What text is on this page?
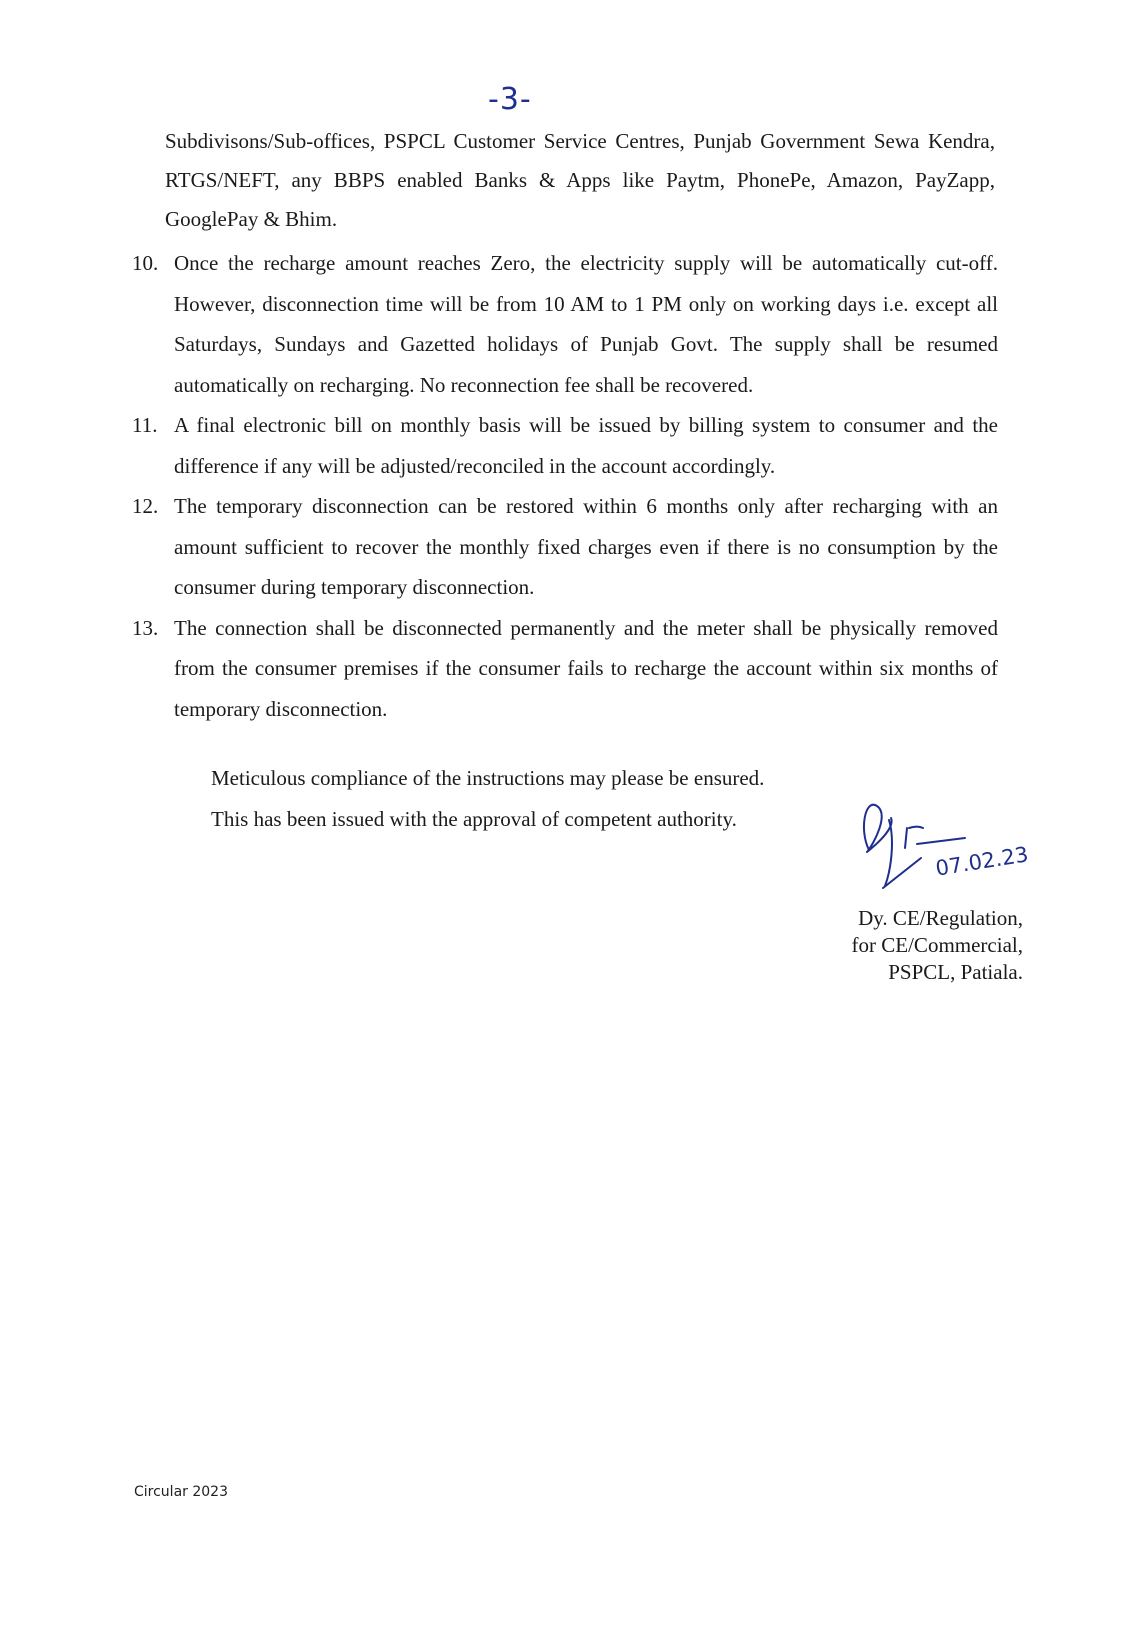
-3-

Subdivisons/Sub-offices, PSPCL Customer Service Centres, Punjab Government Sewa Kendra, RTGS/NEFT, any BBPS enabled Banks & Apps like Paytm, PhonePe, Amazon, PayZapp, GooglePay & Bhim.

10. Once the recharge amount reaches Zero, the electricity supply will be automatically cut-off. However, disconnection time will be from 10 AM to 1 PM only on working days i.e. except all Saturdays, Sundays and Gazetted holidays of Punjab Govt. The supply shall be resumed automatically on recharging. No reconnection fee shall be recovered.
11. A final electronic bill on monthly basis will be issued by billing system to consumer and the difference if any will be adjusted/reconciled in the account accordingly.
12. The temporary disconnection can be restored within 6 months only after recharging with an amount sufficient to recover the monthly fixed charges even if there is no consumption by the consumer during temporary disconnection.
13. The connection shall be disconnected permanently and the meter shall be physically removed from the consumer premises if the consumer fails to recharge the account within six months of temporary disconnection.

Meticulous compliance of the instructions may please be ensured.

This has been issued with the approval of competent authority.

07.02.23
Dy. CE/Regulation,
for CE/Commercial,
PSPCL, Patiala.
Circular 2023
